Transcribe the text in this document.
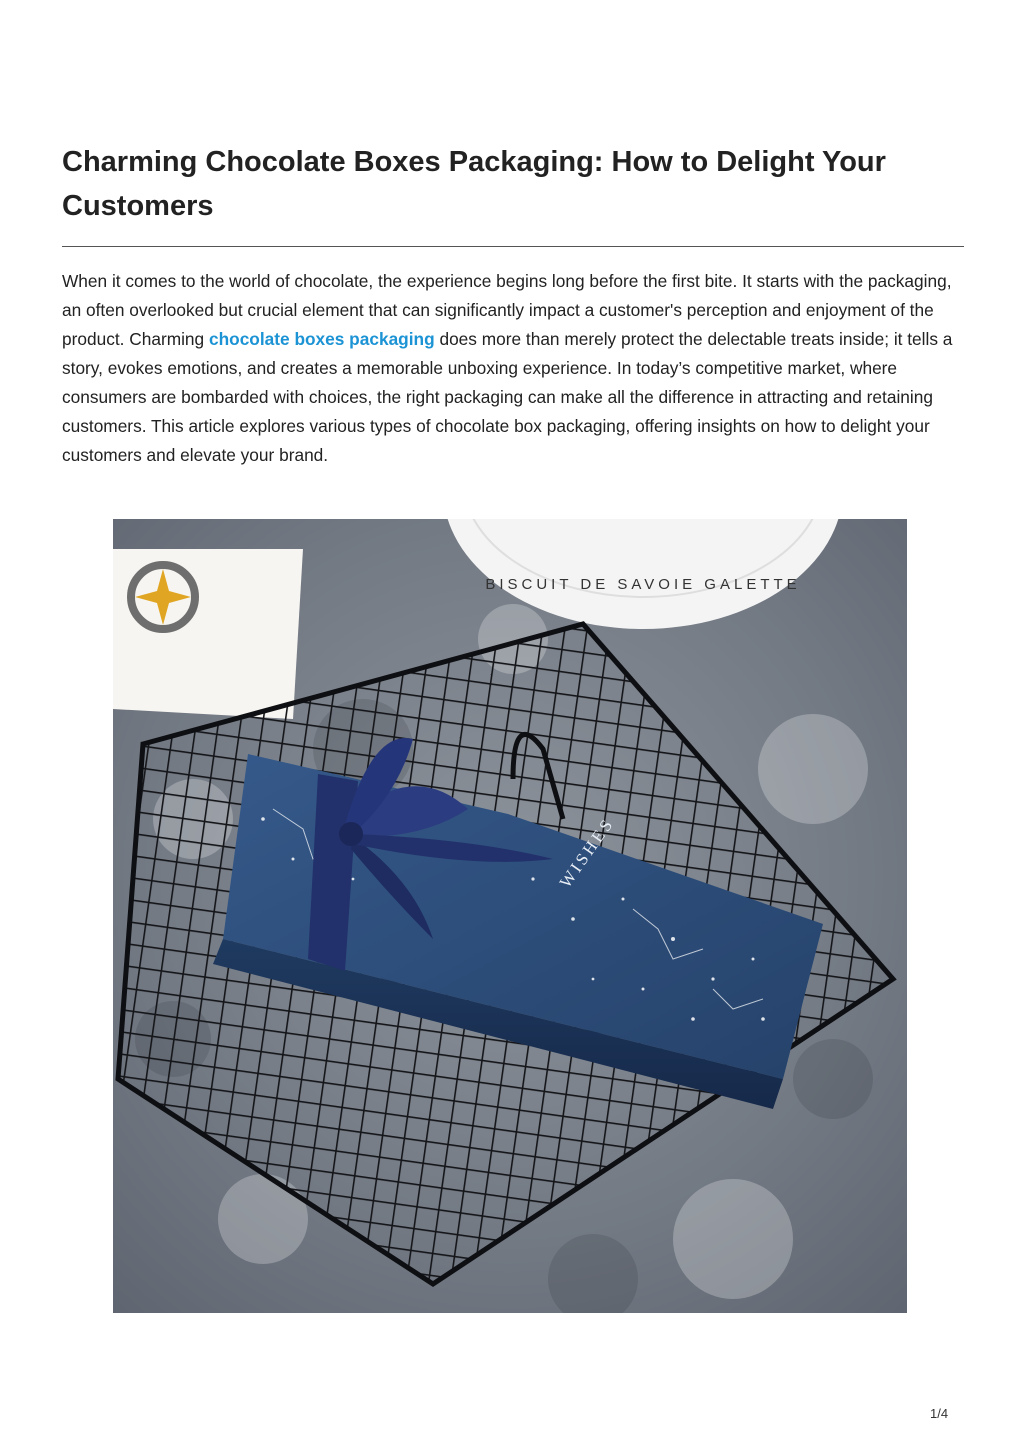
Charming Chocolate Boxes Packaging: How to Delight Your Customers

When it comes to the world of chocolate, the experience begins long before the first bite. It starts with the packaging, an often overlooked but crucial element that can significantly impact a customer's perception and enjoyment of the product. Charming chocolate boxes packaging does more than merely protect the delectable treats inside; it tells a story, evokes emotions, and creates a memorable unboxing experience. In today’s competitive market, where consumers are bombarded with choices, the right packaging can make all the difference in attracting and retaining customers. This article explores various types of chocolate box packaging, offering insights on how to delight your customers and elevate your brand.

BISCUIT DE SAVOIE GALETTE
WISHES
1/4
